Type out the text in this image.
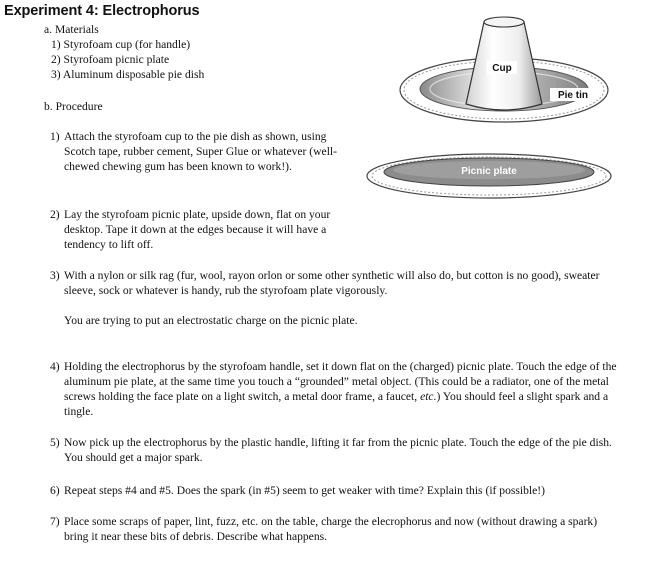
Experiment 4: Electrophorus
a. Materials
1) Styrofoam cup (for handle)
2) Styrofoam picnic plate
3) Aluminum disposable pie dish
b. Procedure
1) Attach the styrofoam cup to the pie dish as shown, using Scotch tape, rubber cement, Super Glue or whatever (well-chewed chewing gum has been known to work!).

2) Lay the styrofoam picnic plate, upside down, flat on your desktop. Tape it down at the edges because it will have a tendency to lift off.

3) With a nylon or silk rag (fur, wool, rayon orlon or some other synthetic will also do, but cotton is no good), sweater sleeve, sock or whatever is handy, rub the styrofoam plate vigorously.

You are trying to put an electrostatic charge on the picnic plate.

4) Holding the electrophorus by the styrofoam handle, set it down flat on the (charged) picnic plate. Touch the edge of the aluminum pie plate, at the same time you touch a “grounded” metal object. (This could be a radiator, one of the metal screws holding the face plate on a light switch, a metal door frame, a faucet, etc.) You should feel a slight spark and a tingle.

5) Now pick up the electrophorus by the plastic handle, lifting it far from the picnic plate. Touch the edge of the pie dish. You should get a major spark.

6) Repeat steps #4 and #5. Does the spark (in #5) seem to get weaker with time? Explain this (if possible!)

7) Place some scraps of paper, lint, fuzz, etc. on the table, charge the elecrophorus and now (without drawing a spark) bring it near these bits of debris. Describe what happens.

Cup
Pie tin
Picnic plate
